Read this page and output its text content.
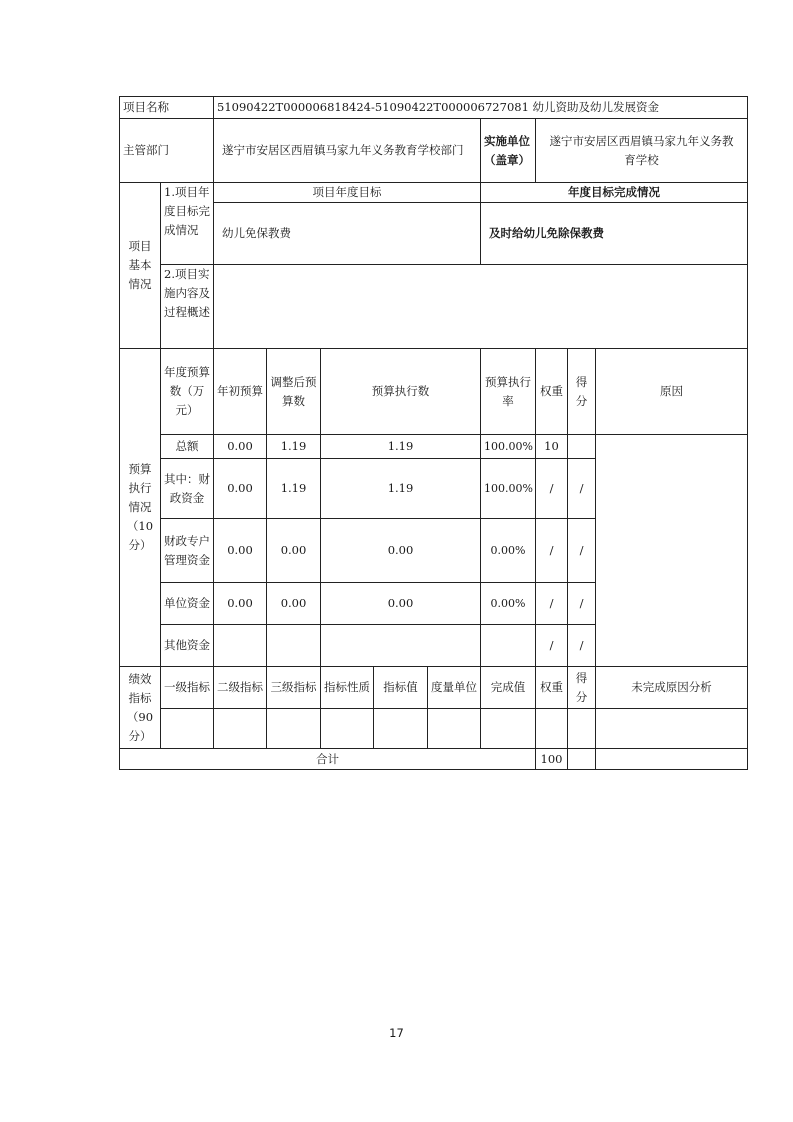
项目名称		51090422T000006818424-51090422T000006727081 幼儿资助及幼儿发展资金								
主管部门		遂宁市安居区西眉镇马家九年义务教育学校部门					实施单位（盖章）	遂宁市安居区西眉镇马家九年义务教育学校		
项目基本情况	1.项目年度目标完成情况	项目年度目标					年度目标完成情况			
		幼儿免保教费					及时给幼儿免除保教费			
	2.项目实施内容及过程概述									

预算执行情况（10分）	年度预算数（万元）	年初预算	调整后预算数	预算执行数			预算执行率	权重	得分	原因
	总额	0.00	1.19	1.19			100.00%	10		
	其中：财政资金	0.00	1.19	1.19			100.00%	/	/	
	财政专户管理资金	0.00	0.00	0.00			0.00%	/	/	
	单位资金	0.00	0.00	0.00			0.00%	/	/	
	其他资金							/	/	
绩效指标（90分）	一级指标	二级指标	三级指标	指标性质	指标值	度量单位	完成值	权重	得分	未完成原因分析

合计								100		
17
